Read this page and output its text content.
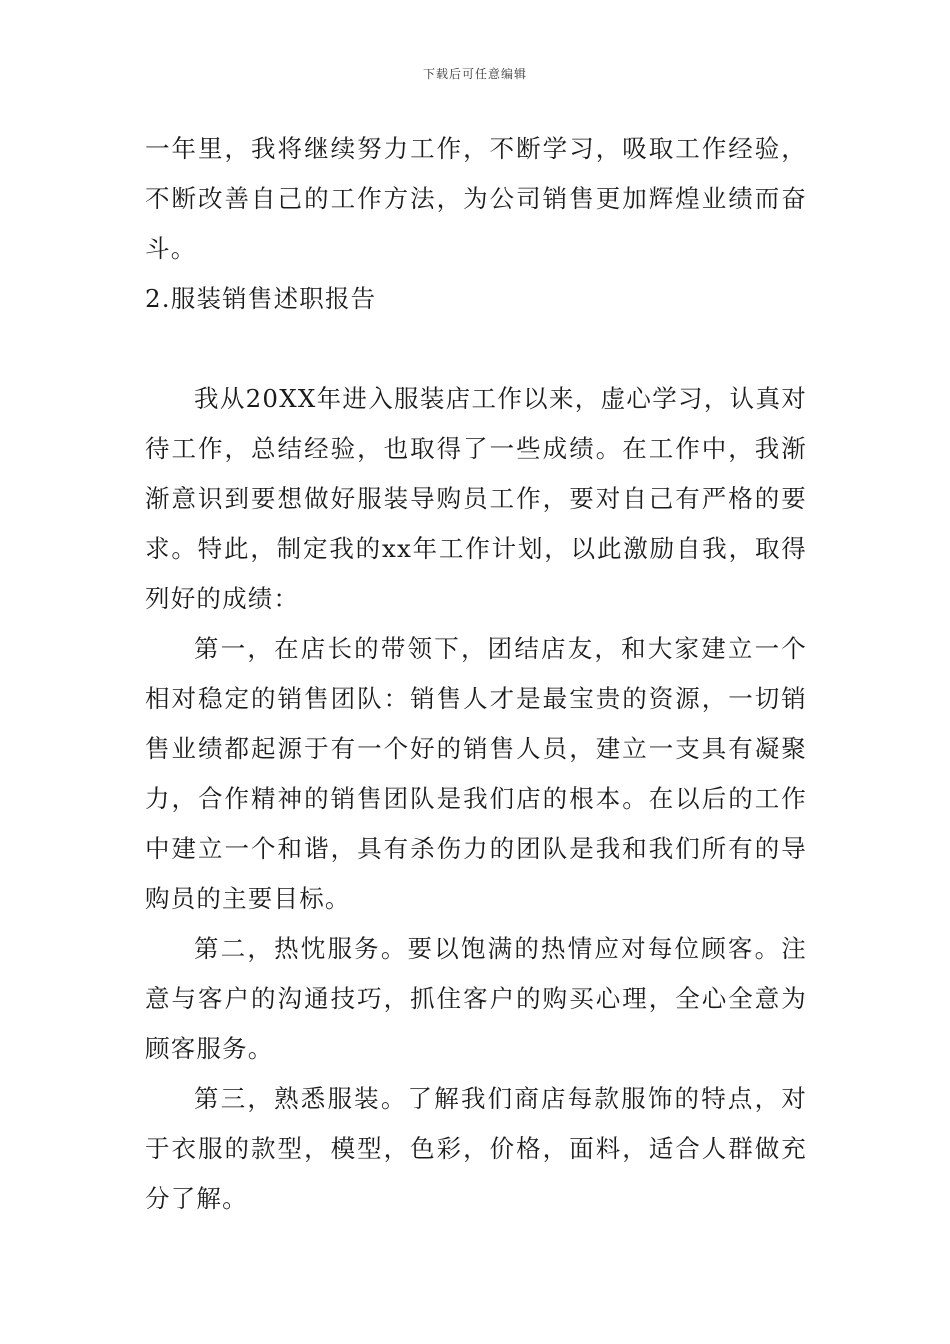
下载后可任意编辑

一年里，我将继续努力工作，不断学习，吸取工作经验，不断改善自己的工作方法，为公司销售更加辉煌业绩而奋斗。

2.服装销售述职报告

我从20XX年进入服装店工作以来，虚心学习，认真对待工作，总结经验，也取得了一些成绩。在工作中，我渐渐意识到要想做好服装导购员工作，要对自己有严格的要求。特此，制定我的xx年工作计划，以此激励自我，取得列好的成绩：

第一，在店长的带领下，团结店友，和大家建立一个相对稳定的销售团队：销售人才是最宝贵的资源，一切销售业绩都起源于有一个好的销售人员，建立一支具有凝聚力，合作精神的销售团队是我们店的根本。在以后的工作中建立一个和谐，具有杀伤力的团队是我和我们所有的导购员的主要目标。

第二，热忱服务。要以饱满的热情应对每位顾客。注意与客户的沟通技巧，抓住客户的购买心理，全心全意为顾客服务。

第三，熟悉服装。了解我们商店每款服饰的特点，对于衣服的款型，模型，色彩，价格，面料，适合人群做充分了解。
